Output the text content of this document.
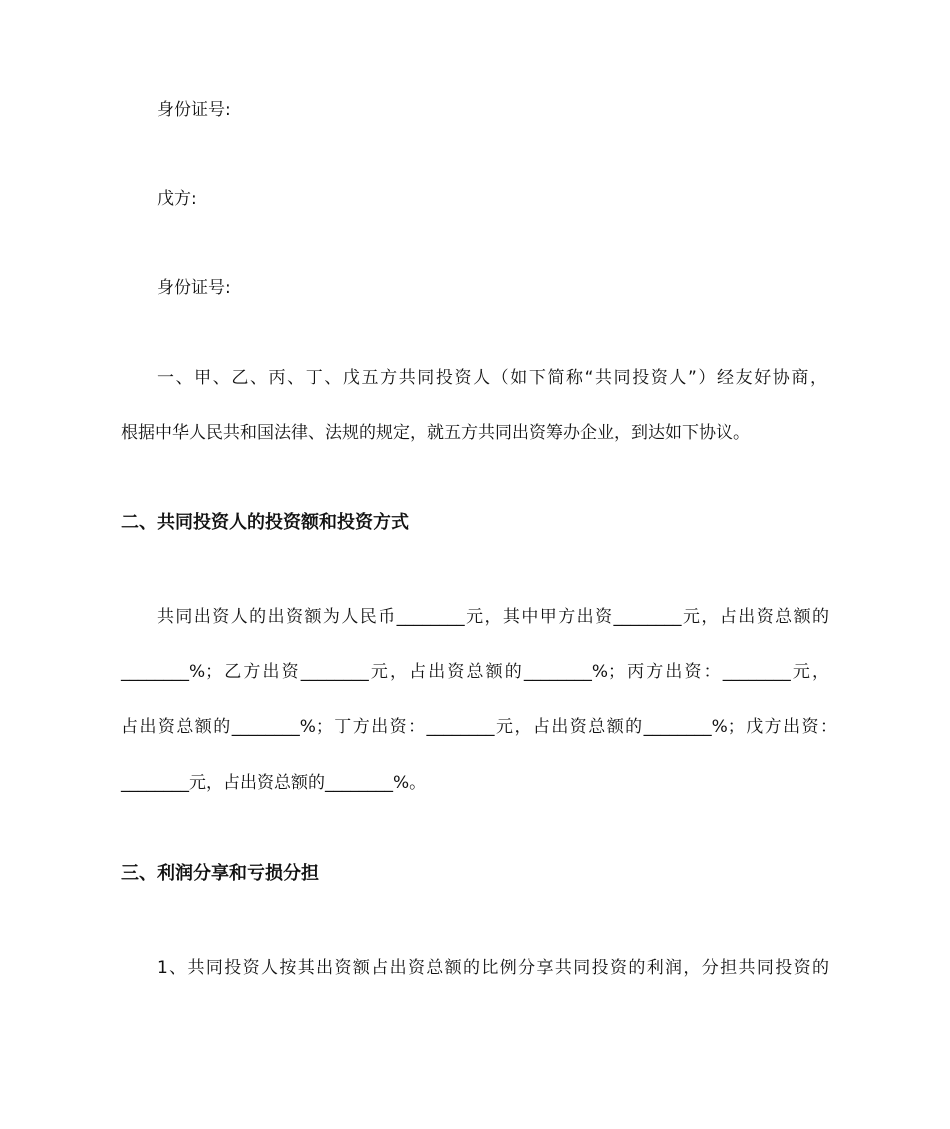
身份证号:
戊方:
身份证号:
一、甲、乙、丙、丁、戊五方共同投资人（如下简称“共同投资人”）经友好协商，
根据中华人民共和国法律、法规的规定，就五方共同出资筹办企业，到达如下协议。
二、共同投资人的投资额和投资方式
共同出资人的出资额为人民币________元，其中甲方出资________元，占出资总额的
________%；乙方出资________元，占出资总额的________%；丙方出资：________元，
占出资总额的________%；丁方出资：________元，占出资总额的________%；戊方出资：
________元，占出资总额的________%。
三、利润分享和亏损分担
1、共同投资人按其出资额占出资总额的比例分享共同投资的利润，分担共同投资的
